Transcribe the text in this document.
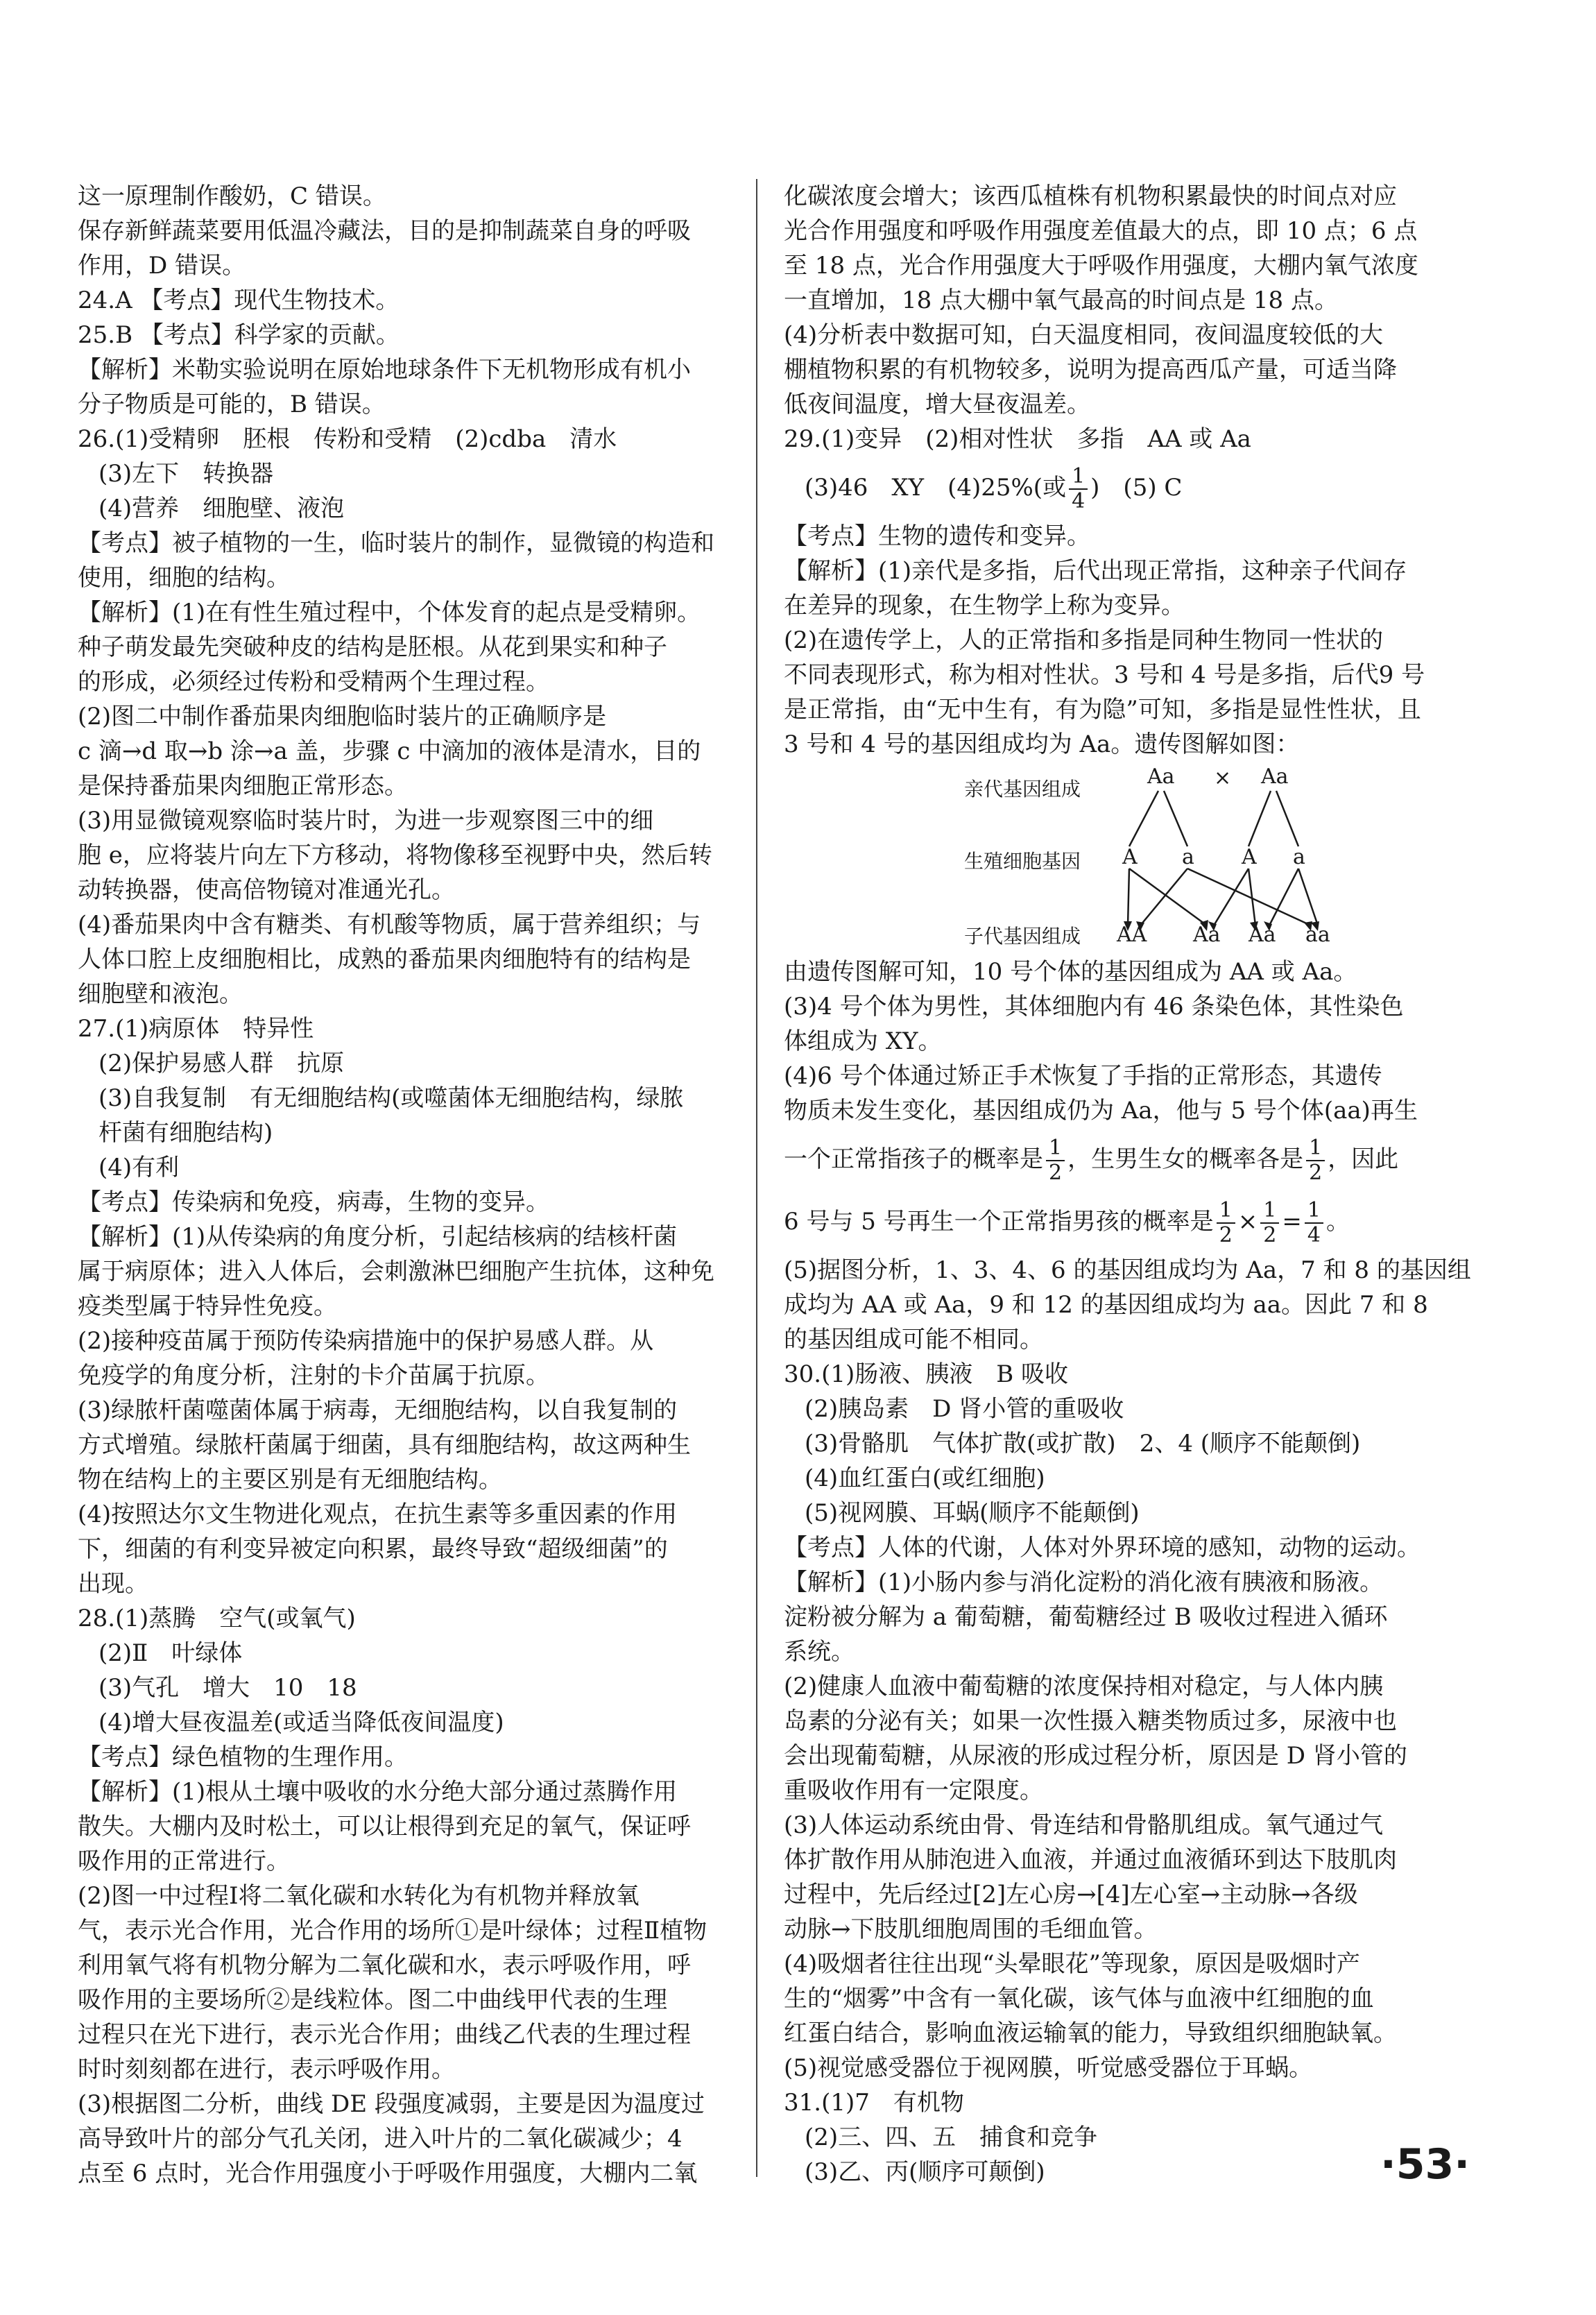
这一原理制作酸奶，C 错误。

保存新鲜蔬菜要用低温冷藏法，目的是抑制蔬菜自身的呼吸

作用，D 错误。

24.A 【考点】现代生物技术。

25.B 【考点】科学家的贡献。

【解析】米勒实验说明在原始地球条件下无机物形成有机小

分子物质是可能的，B 错误。

26.(1)受精卵　胚根　传粉和受精　(2)cdba　清水

(3)左下　转换器

(4)营养　细胞壁、液泡

【考点】被子植物的一生，临时装片的制作，显微镜的构造和

使用，细胞的结构。

【解析】(1)在有性生殖过程中，个体发育的起点是受精卵。

种子萌发最先突破种皮的结构是胚根。从花到果实和种子

的形成，必须经过传粉和受精两个生理过程。

(2)图二中制作番茄果肉细胞临时装片的正确顺序是

c 滴→d 取→b 涂→a 盖，步骤 c 中滴加的液体是清水，目的

是保持番茄果肉细胞正常形态。

(3)用显微镜观察临时装片时，为进一步观察图三中的细

胞 e，应将装片向左下方移动，将物像移至视野中央，然后转

动转换器，使高倍物镜对准通光孔。

(4)番茄果肉中含有糖类、有机酸等物质，属于营养组织；与

人体口腔上皮细胞相比，成熟的番茄果肉细胞特有的结构是

细胞壁和液泡。

27.(1)病原体　特异性

(2)保护易感人群　抗原

(3)自我复制　有无细胞结构(或噬菌体无细胞结构，绿脓

杆菌有细胞结构)

(4)有利

【考点】传染病和免疫，病毒，生物的变异。

【解析】(1)从传染病的角度分析，引起结核病的结核杆菌

属于病原体；进入人体后，会刺激淋巴细胞产生抗体，这种免

疫类型属于特异性免疫。

(2)接种疫苗属于预防传染病措施中的保护易感人群。从

免疫学的角度分析，注射的卡介苗属于抗原。

(3)绿脓杆菌噬菌体属于病毒，无细胞结构，以自我复制的

方式增殖。绿脓杆菌属于细菌，具有细胞结构，故这两种生

物在结构上的主要区别是有无细胞结构。

(4)按照达尔文生物进化观点，在抗生素等多重因素的作用

下，细菌的有利变异被定向积累，最终导致“超级细菌”的

出现。

28.(1)蒸腾　空气(或氧气)

(2)Ⅱ　叶绿体

(3)气孔　增大　10　18

(4)增大昼夜温差(或适当降低夜间温度)

【考点】绿色植物的生理作用。

【解析】(1)根从土壤中吸收的水分绝大部分通过蒸腾作用

散失。大棚内及时松土，可以让根得到充足的氧气，保证呼

吸作用的正常进行。

(2)图一中过程Ⅰ将二氧化碳和水转化为有机物并释放氧

气，表示光合作用，光合作用的场所①是叶绿体；过程Ⅱ植物

利用氧气将有机物分解为二氧化碳和水，表示呼吸作用，呼

吸作用的主要场所②是线粒体。图二中曲线甲代表的生理

过程只在光下进行，表示光合作用；曲线乙代表的生理过程

时时刻刻都在进行，表示呼吸作用。

(3)根据图二分析，曲线 DE 段强度减弱，主要是因为温度过

高导致叶片的部分气孔关闭，进入叶片的二氧化碳减少；4

点至 6 点时，光合作用强度小于呼吸作用强度，大棚内二氧

化碳浓度会增大；该西瓜植株有机物积累最快的时间点对应

光合作用强度和呼吸作用强度差值最大的点，即 10 点；6 点

至 18 点，光合作用强度大于呼吸作用强度，大棚内氧气浓度

一直增加，18 点大棚中氧气最高的时间点是 18 点。

(4)分析表中数据可知，白天温度相同，夜间温度较低的大

棚植物积累的有机物较多，说明为提高西瓜产量，可适当降

低夜间温度，增大昼夜温差。

29.(1)变异　(2)相对性状　多指　AA 或 Aa

(3)46　XY　(4)25%(或 $\frac{1}{4}$ )　(5) C

【考点】生物的遗传和变异。

【解析】(1)亲代是多指，后代出现正常指，这种亲子代间存

在差异的现象，在生物学上称为变异。

(2)在遗传学上，人的正常指和多指是同种生物同一性状的

不同表现形式，称为相对性状。3 号和 4 号是多指，后代9 号

是正常指，由“无中生有，有为隐”可知，多指是显性性状，且

3 号和 4 号的基因组成均为 Aa。遗传图解如图：

亲代基因组成
生殖细胞基因
子代基因组成
Aa × Aa
A a A a
AA Aa Aa aa

由遗传图解可知，10 号个体的基因组成为 AA 或 Aa。

(3)4 号个体为男性，其体细胞内有 46 条染色体，其性染色

体组成为 XY。

(4)6 号个体通过矫正手术恢复了手指的正常形态，其遗传

物质未发生变化，基因组成仍为 Aa，他与 5 号个体(aa)再生

一个正常指孩子的概率是 $\frac{1}{2}$ ，生男生女的概率各是 $\frac{1}{2}$ ，因此

6 号与 5 号再生一个正常指男孩的概率是 $\frac{1}{2} \times \frac{1}{2} = \frac{1}{4}$ 。

(5)据图分析，1、3、4、6 的基因组成均为 Aa，7 和 8 的基因组

成均为 AA 或 Aa，9 和 12 的基因组成均为 aa。因此 7 和 8

的基因组成可能不相同。

30.(1)肠液、胰液　B 吸收

(2)胰岛素　D 肾小管的重吸收

(3)骨骼肌　气体扩散(或扩散)　2、4 (顺序不能颠倒)

(4)血红蛋白(或红细胞)

(5)视网膜、耳蜗(顺序不能颠倒)

【考点】人体的代谢，人体对外界环境的感知，动物的运动。

【解析】(1)小肠内参与消化淀粉的消化液有胰液和肠液。

淀粉被分解为 a 葡萄糖，葡萄糖经过 B 吸收过程进入循环

系统。

(2)健康人血液中葡萄糖的浓度保持相对稳定，与人体内胰

岛素的分泌有关；如果一次性摄入糖类物质过多，尿液中也

会出现葡萄糖，从尿液的形成过程分析，原因是 D 肾小管的

重吸收作用有一定限度。

(3)人体运动系统由骨、骨连结和骨骼肌组成。氧气通过气

体扩散作用从肺泡进入血液，并通过血液循环到达下肢肌肉

过程中，先后经过[2]左心房→[4]左心室→主动脉→各级

动脉→下肢肌细胞周围的毛细血管。

(4)吸烟者往往出现“头晕眼花”等现象，原因是吸烟时产

生的“烟雾”中含有一氧化碳，该气体与血液中红细胞的血

红蛋白结合，影响血液运输氧的能力，导致组织细胞缺氧。

(5)视觉感受器位于视网膜，听觉感受器位于耳蜗。

31.(1)7　有机物

(2)三、四、五　捕食和竞争

(3)乙、丙(顺序可颠倒)	·53·
